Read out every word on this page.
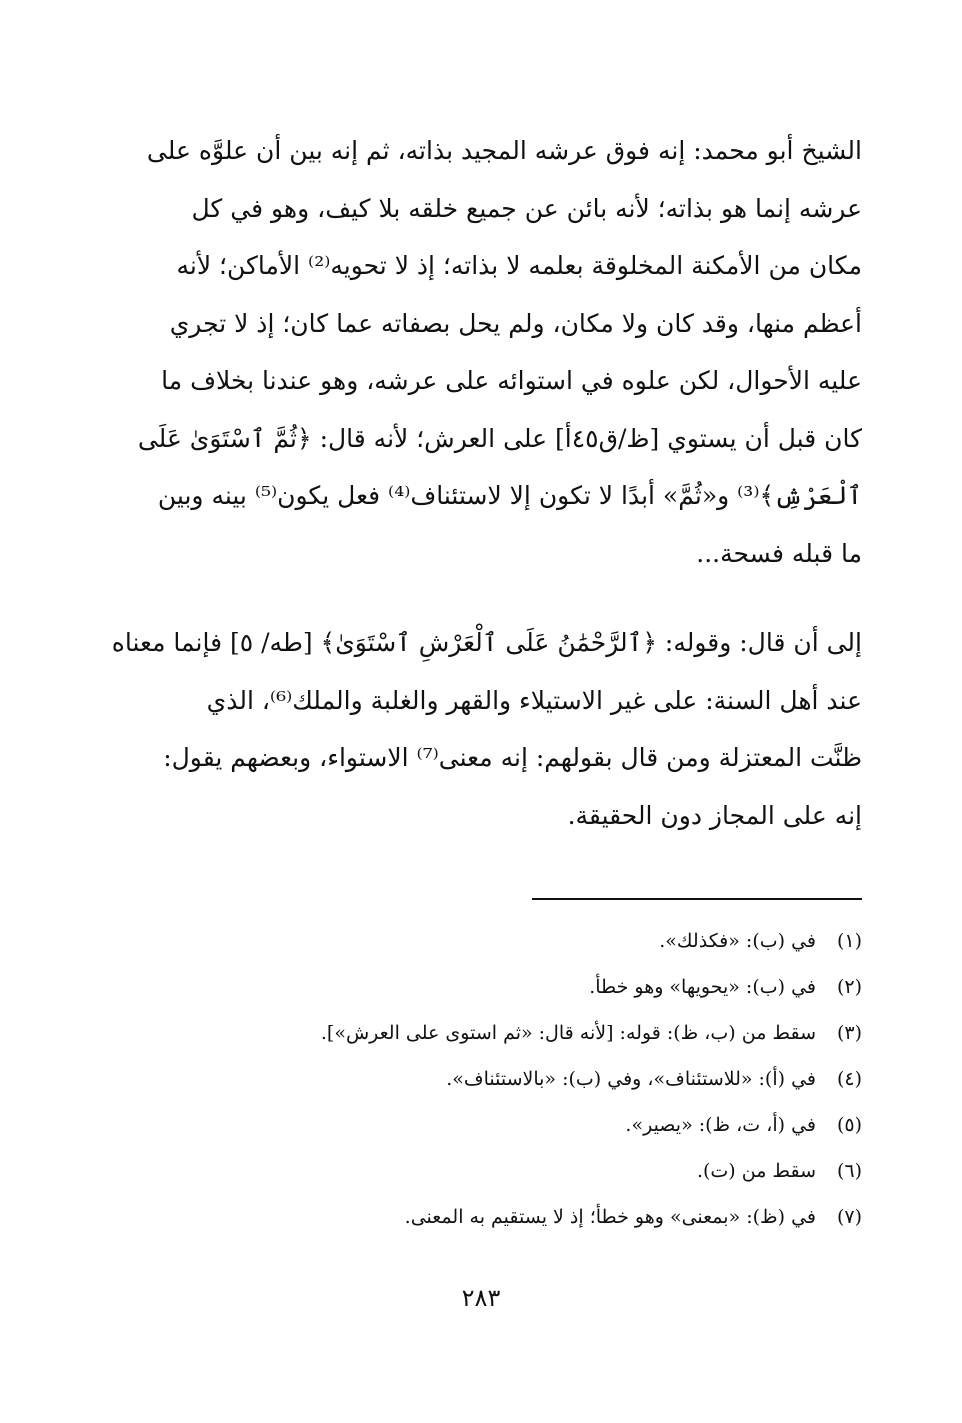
الشيخ أبو محمد: إنه فوق عرشه المجيد بذاته، ثم إنه بين أن علوَّه على
عرشه إنما هو بذاته؛ لأنه بائن عن جميع خلقه بلا كيف، وهو في كل
مكان من الأمكنة المخلوقة بعلمه لا بذاته؛ إذ لا تحويه⁽²⁾ الأماكن؛ لأنه
أعظم منها، وقد كان ولا مكان، ولم يحل بصفاته عما كان؛ إذ لا تجري
عليه الأحوال، لكن علوه في استوائه على عرشه، وهو عندنا بخلاف ما
كان قبل أن يستوي [ظ/ق٤٥أ] على العرش؛ لأنه قال: ﴿ثُمَّ ٱسْتَوَىٰ عَلَى
ٱلْعَرْشِ﴾⁽³⁾ و«ثُمَّ» أبدًا لا تكون إلا لاستئناف⁽⁴⁾ فعل يكون⁽⁵⁾ بينه وبين
ما قبله فسحة...
إلى أن قال: وقوله: ﴿ٱلرَّحْمَٰنُ عَلَى ٱلْعَرْشِ ٱسْتَوَىٰ﴾ [طه/ ٥] فإنما معناه
عند أهل السنة: على غير الاستيلاء والقهر والغلبة والملك⁽⁶⁾، الذي
ظنَّت المعتزلة ومن قال بقولهم: إنه معنى⁽⁷⁾ الاستواء، وبعضهم يقول:
إنه على المجاز دون الحقيقة.
(١)في (ب): «فكذلك».
(٢)في (ب): «يحويها» وهو خطأ.
(٣)سقط من (ب، ظ): قوله: [لأنه قال: «ثم استوى على العرش»].
(٤)في (أ): «للاستئناف»، وفي (ب): «بالاستئناف».
(٥)في (أ، ت، ظ): «يصير».
(٦)سقط من (ت).
(٧)في (ظ): «بمعنى» وهو خطأ؛ إذ لا يستقيم به المعنى.
٢٨٣
